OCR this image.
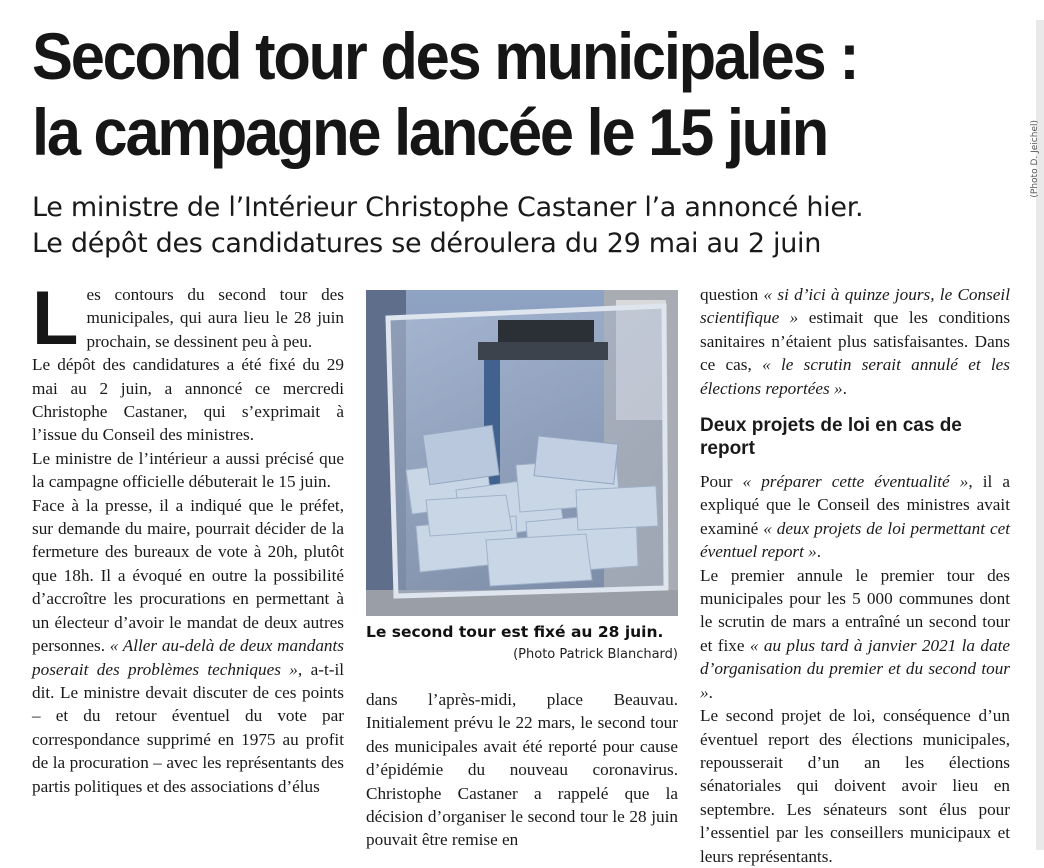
(Photo D. Jeichel)
Second tour des municipales :
la campagne lancée le 15 juin
Le ministre de l’Intérieur Christophe Castaner l’a annoncé hier.
Le dépôt des candidatures se déroulera du 29 mai au 2 juin

Les contours du second tour des municipales, qui aura lieu le 28 juin prochain, se dessinent peu à peu.

Le dépôt des candidatures a été fixé du 29 mai au 2 juin, a annoncé ce mercredi Christophe Castaner, qui s’exprimait à l’issue du Conseil des ministres.

Le ministre de l’intérieur a aussi précisé que la campagne officielle débuterait le 15 juin.

Face à la presse, il a indiqué que le préfet, sur demande du maire, pourrait décider de la fermeture des bureaux de vote à 20h, plutôt que 18h. Il a évoqué en outre la possibilité d’accroître les procurations en permettant à un électeur d’avoir le mandat de deux autres personnes. « Aller au-delà de deux mandants poserait des problèmes techniques », a-t-il dit. Le ministre devait discuter de ces points – et du retour éventuel du vote par correspondance supprimé en 1975 au profit de la procuration – avec les représentants des partis politiques et des associations d’élus

Le second tour est fixé au 28 juin.
(Photo Patrick Blanchard)

dans l’après-midi, place Beauvau. Initialement prévu le 22 mars, le second tour des municipales avait été reporté pour cause d’épidémie du nouveau coronavirus. Christophe Castaner a rappelé que la décision d’organiser le second tour le 28 juin pouvait être remise en

question « si d’ici à quinze jours, le Conseil scientifique » estimait que les conditions sanitaires n’étaient plus satisfaisantes. Dans ce cas, « le scrutin serait annulé et les élections reportées ».

Deux projets de loi en cas de report

Pour « préparer cette éventualité », il a expliqué que le Conseil des ministres avait examiné « deux projets de loi permettant cet éventuel report ».

Le premier annule le premier tour des municipales pour les 5 000 communes dont le scrutin de mars a entraîné un second tour et fixe « au plus tard à janvier 2021 la date d’organisation du premier et du second tour ».

Le second projet de loi, conséquence d’un éventuel report des élections municipales, repousserait d’un an les élections sénatoriales qui doivent avoir lieu en septembre. Les sénateurs sont élus pour l’essentiel par les conseillers municipaux et leurs représentants.
